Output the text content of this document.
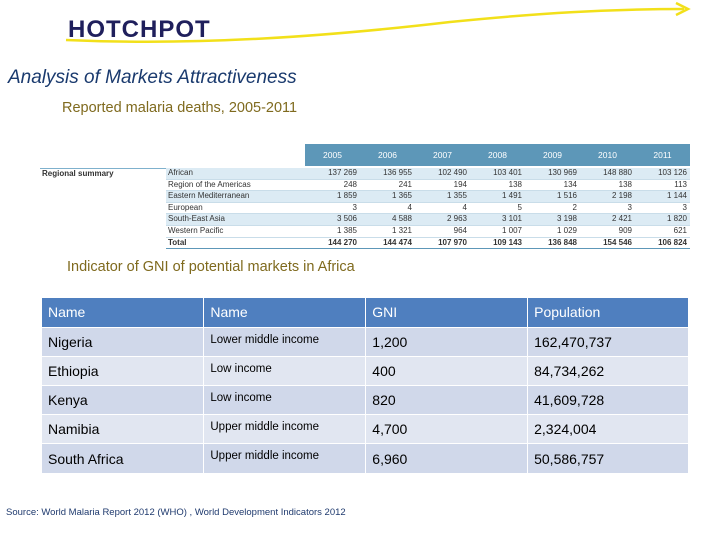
HOTCHPOT
Analysis of Markets Attractiveness
Reported malaria deaths, 2005-2011
2005	2006	2007	2008	2009	2010	2011
Regional summary	African	137 269	136 955	102 490	103 401	130 969	148 880	103 126
Region of the Americas	248	241	194	138	134	138	113
Eastern Mediterranean	1 859	1 365	1 355	1 491	1 516	2 198	1 144
European	3	4	4	5	2	3	3
South-East Asia	3 506	4 588	2 963	3 101	3 198	2 421	1 820
Western Pacific	1 385	1 321	964	1 007	1 029	909	621
Total	144 270	144 474	107 970	109 143	136 848	154 546	106 824
Indicator of GNI of potential markets in Africa
Name	Name	GNI	Population
Nigeria	Lower middle income	1,200	162,470,737
Ethiopia	Low income	400	84,734,262
Kenya	Low income	820	41,609,728
Namibia	Upper middle income	4,700	2,324,004
South Africa	Upper middle income	6,960	50,586,757
Source: World Malaria Report 2012 (WHO) , World Development Indicators 2012
